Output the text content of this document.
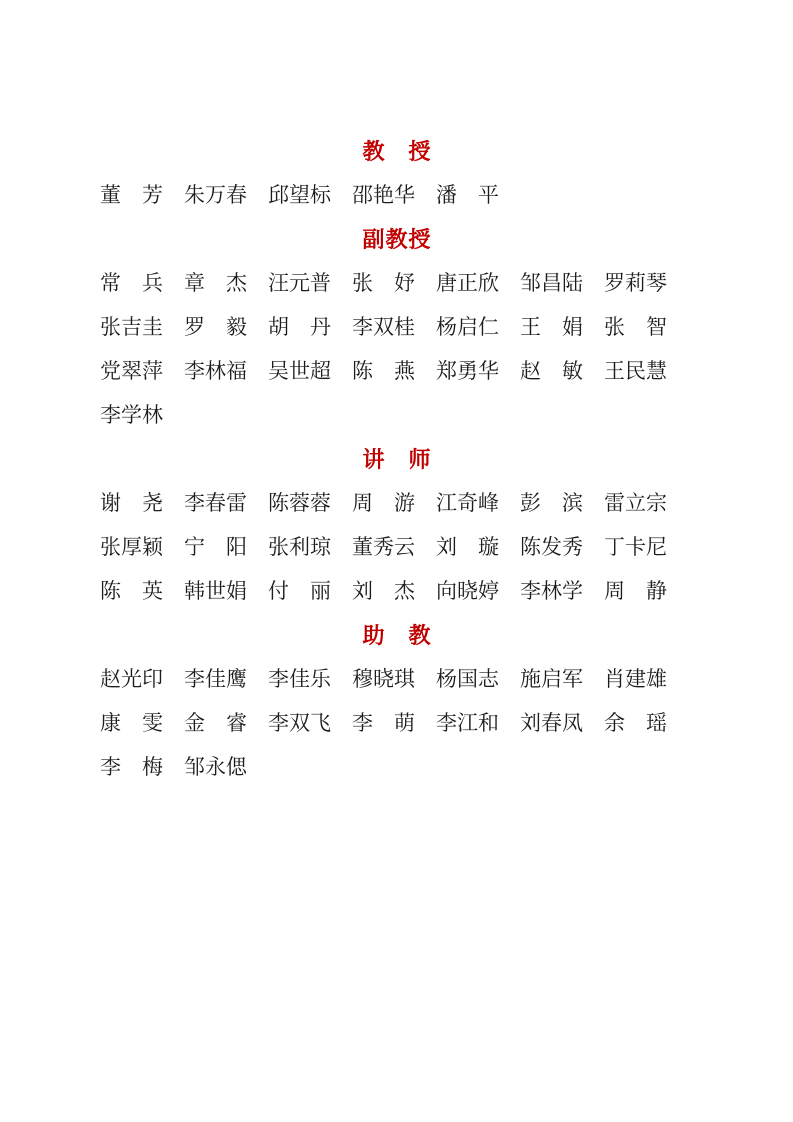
教　授
董　芳 朱万春 邱望标 邵艳华 潘　平
副教授
常　兵 章　杰 汪元普 张　妤 唐正欣 邹昌陆 罗莉琴
张吉圭 罗　毅 胡　丹 李双桂 杨启仁 王　娟 张　智
党翠萍 李林福 吴世超 陈　燕 郑勇华 赵　敏 王民慧
李学林
讲　师
谢　尧 李春雷 陈蓉蓉 周　游 江奇峰 彭　滨 雷立宗
张厚颖 宁　阳 张利琼 董秀云 刘　璇 陈发秀 丁卡尼
陈　英 韩世娟 付　丽 刘　杰 向晓婷 李林学 周　静
助　教
赵光印 李佳鹰 李佳乐 穆晓琪 杨国志 施启军 肖建雄
康　雯 金　睿 李双飞 李　萌 李江和 刘春凤 余　瑶
李　梅 邹永偲
